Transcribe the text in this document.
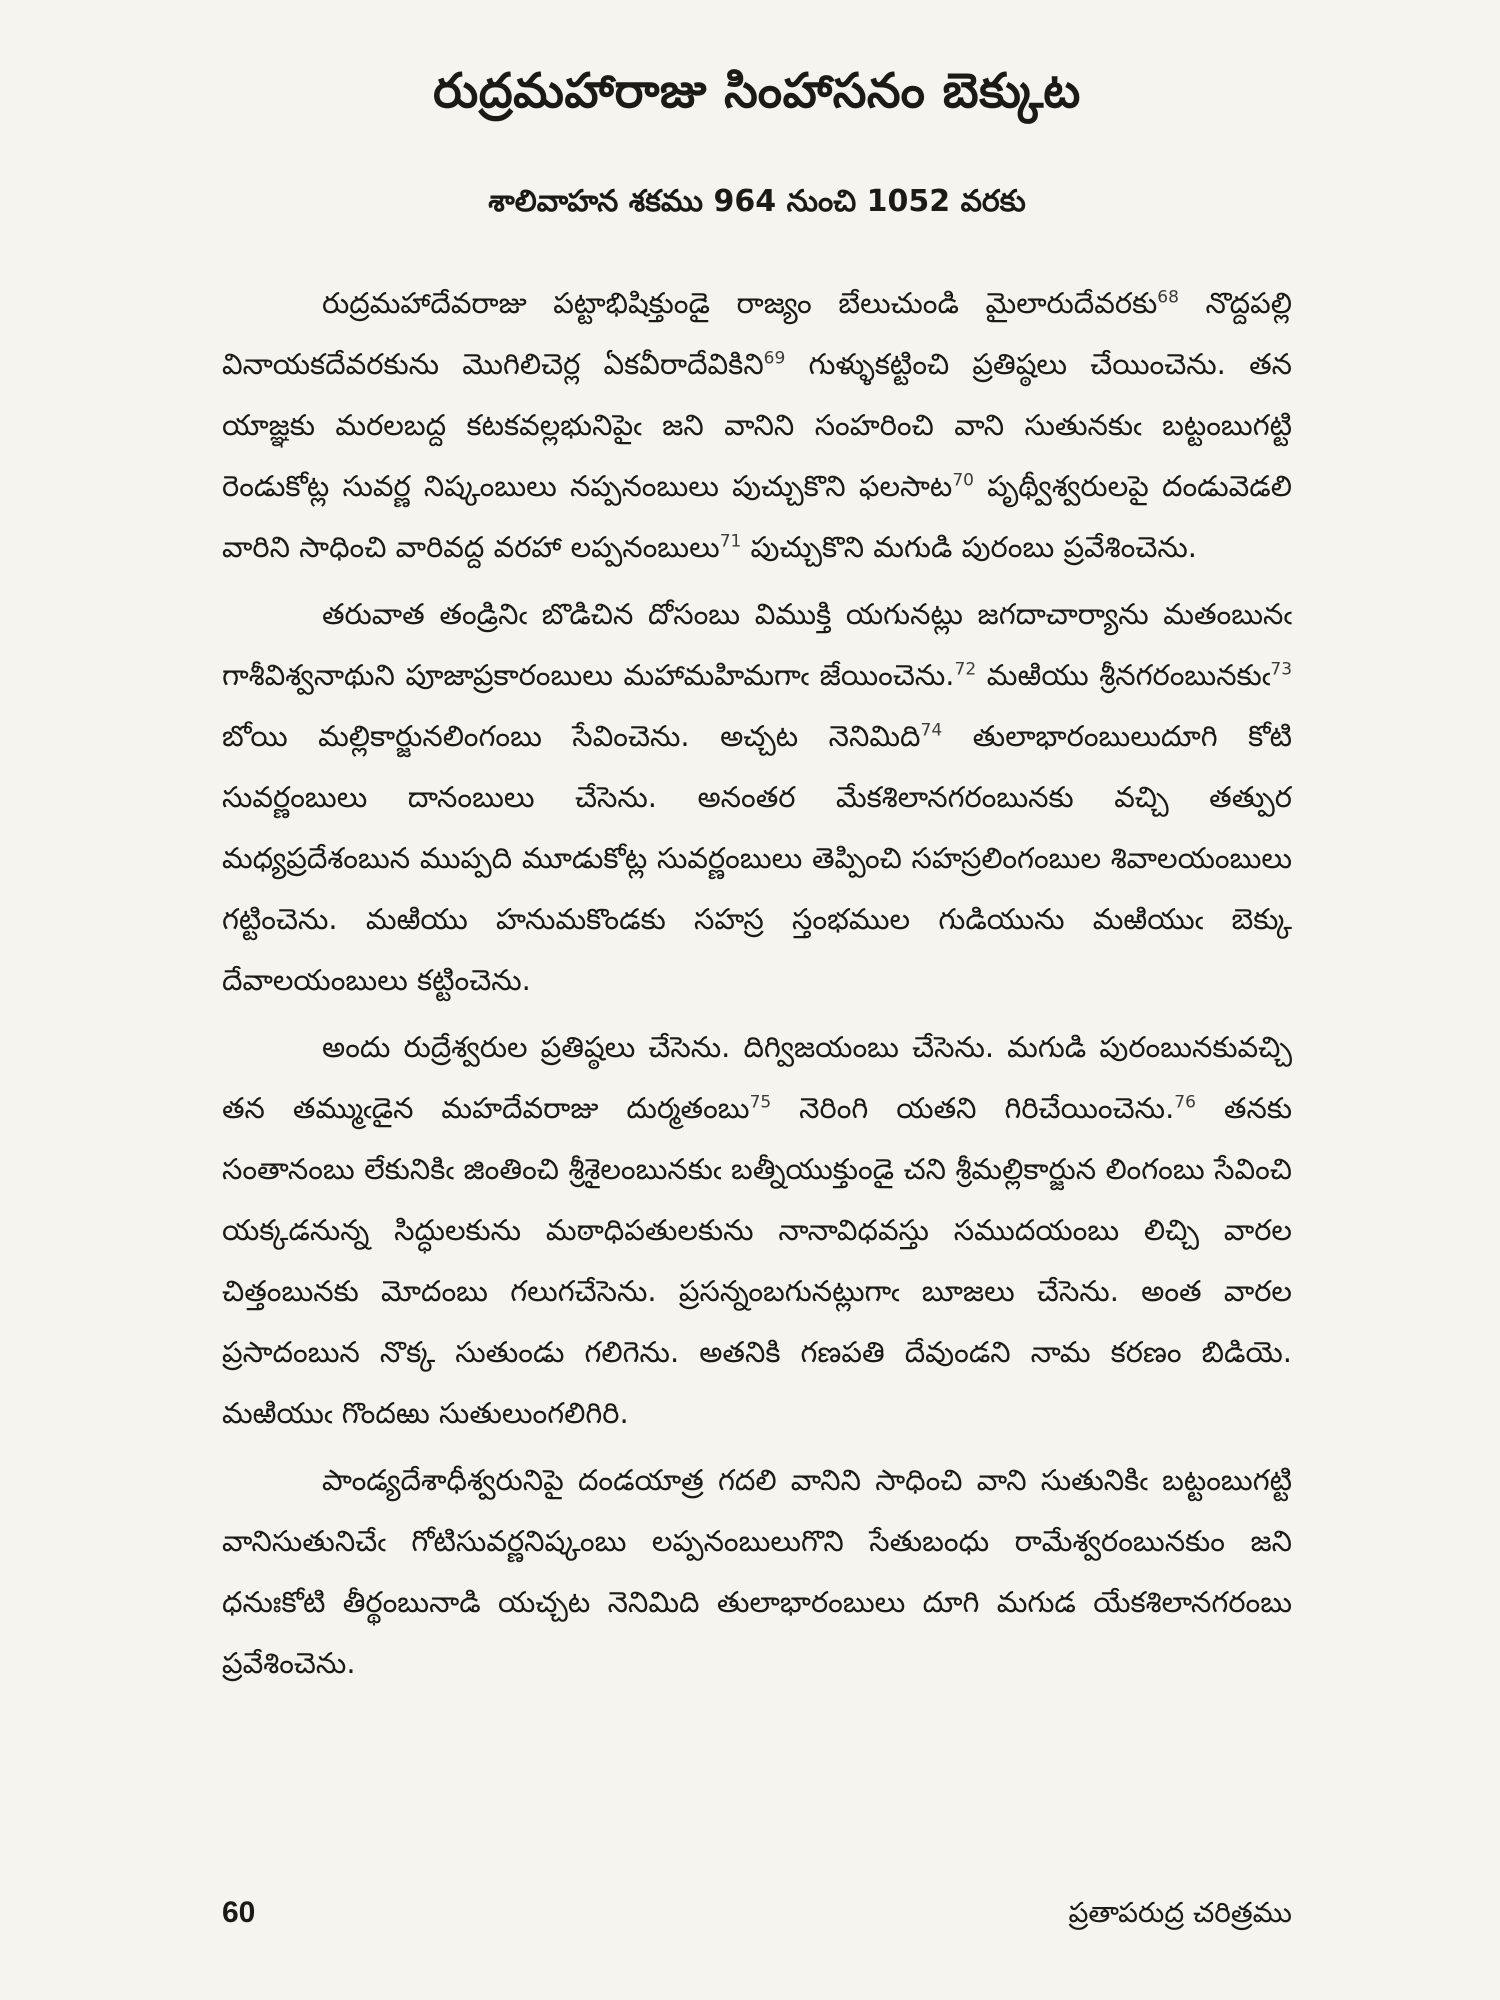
రుద్రమహారాజు సింహాసనం బెక్కుట
శాలివాహన శకము 964 నుంచి 1052 వరకు

రుద్రమహాదేవరాజు పట్టాభిషిక్తుండై రాజ్యం బేలుచుండి మైలారుదేవరకు$^{68}$ నొద్దపల్లి వినాయకదేవరకును మొగిలిచెర్ల ఏకవీరాదేవికిని$^{69}$ గుళ్ళుకట్టించి ప్రతిష్ఠలు చేయించెను. తన యాజ్ఞకు మరలబద్ద కటకవల్లభునిపైఁ జని వానిని సంహరించి వాని సుతునకుఁ బట్టంబుగట్టి రెండుకోట్ల సువర్ణ నిష్కంబులు నప్పనంబులు పుచ్చుకొని ఫలసాట$^{70}$ పృథ్వీశ్వరులపై దండువెడలి వారిని సాధించి వారివద్ద వరహా లప్పనంబులు$^{71}$ పుచ్చుకొని మగుడి పురంబు ప్రవేశించెను.

తరువాత తండ్రినిఁ బొడిచిన దోసంబు విముక్తి యగునట్లు జగదాచార్యాను మతంబునఁ గాశీవిశ్వనాథుని పూజాప్రకారంబులు మహామహిమగాఁ జేయించెను.$^{72}$ మఱియు శ్రీనగరంబునకుఁ$^{73}$ బోయి మల్లికార్జునలింగంబు సేవించెను. అచ్చట నెనిమిది$^{74}$ తులాభారంబులుదూగి కోటి సువర్ణంబులు దానంబులు చేసెను. అనంతర మేకశిలానగరంబునకు వచ్చి తత్పుర మధ్యప్రదేశంబున ముప్పది మూడుకోట్ల సువర్ణంబులు తెప్పించి సహస్రలింగంబుల శివాలయంబులు గట్టించెను. మఱియు హనుమకొండకు సహస్ర స్తంభముల గుడియును మఱియుఁ బెక్కు దేవాలయంబులు కట్టించెను.

అందు రుద్రేశ్వరుల ప్రతిష్ఠలు చేసెను. దిగ్విజయంబు చేసెను. మగుడి పురంబునకువచ్చి తన తమ్ముఁడైన మహదేవరాజు దుర్మతంబు$^{75}$ నెరింగి యతని గిరిచేయించెను.$^{76}$ తనకు సంతానంబు లేకునికిఁ జింతించి శ్రీశైలంబునకుఁ బత్నీయుక్తుండై చని శ్రీమల్లికార్జున లింగంబు సేవించి యక్కడనున్న సిద్ధులకును మఠాధిపతులకును నానావిధవస్తు సముదయంబు లిచ్చి వారల చిత్తంబునకు మోదంబు గలుగచేసెను. ప్రసన్నంబగునట్లుగాఁ బూజలు చేసెను. అంత వారల ప్రసాదంబున నొక్క సుతుండు గలిగెను. అతనికి గణపతి దేవుండని నామ కరణం బిడియె. మఱియుఁ గొందఱు సుతులుంగలిగిరి.

పాండ్యదేశాధీశ్వరునిపై దండయాత్ర గదలి వానిని సాధించి వాని సుతునికిఁ బట్టంబుగట్టి వానిసుతునిచేఁ గోటిసువర్ణనిష్కంబు లప్పనంబులుగొని సేతుబంధు రామేశ్వరంబునకుం జని ధనుఃకోటి తీర్థంబునాడి యచ్చట నెనిమిది తులాభారంబులు దూగి మగుడ యేకశిలానగరంబు ప్రవేశించెను.

60	ప్రతాపరుద్ర చరిత్రము
